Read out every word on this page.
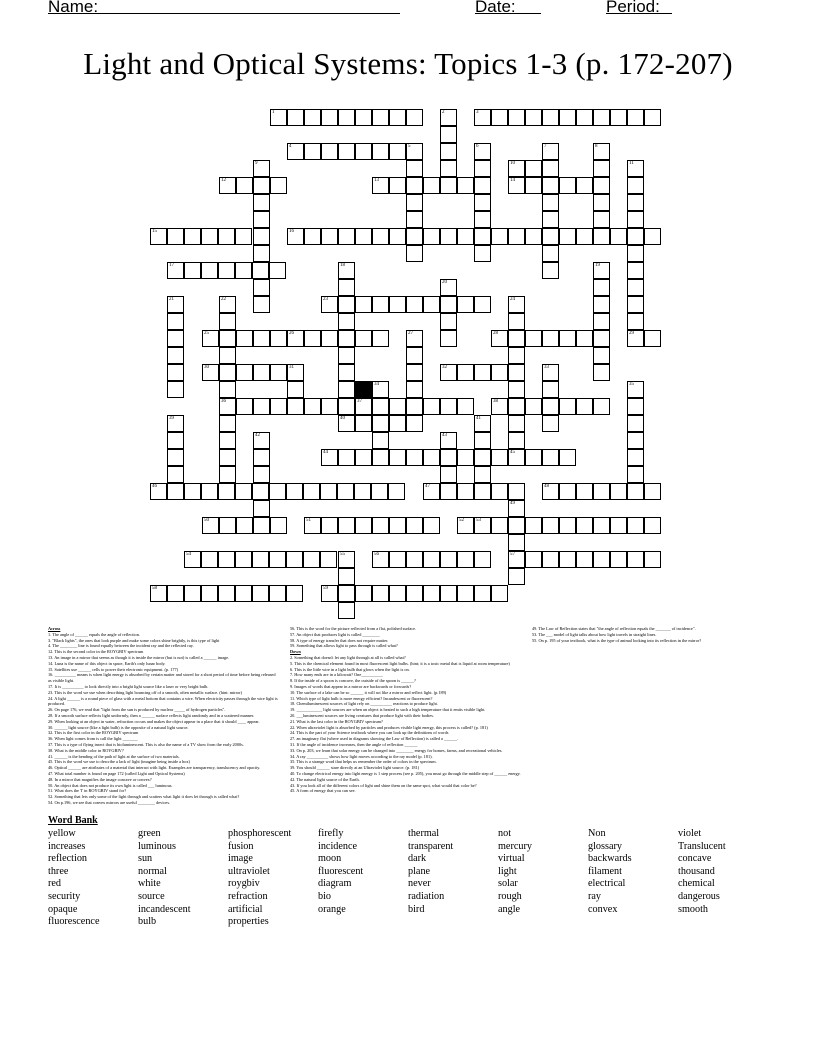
Name:	Date:	Period:
Light and Optical Systems: Topics 1-3 (p. 172-207)
1	2	3
4	5	6	7	8
9	10	11
12	13	14
15	16
17	18	19
20
21	22
36
23	24
25	26	27	28	29
30	31	32	33
34	35
37	38
39	40	41
42	43
44	45
46	47	48
49
57
50	51	52 53
54	55	56
58	59
Across
1. The angle of ______ equals the angle of reflection.
3. "Black lights", the ones that look purple and make some colors shine brightly, is this type of light
4. The ________ line is found equally between the incident ray and the reflected ray.
12. This is the second color in the ROYGBIV spectrum
13. An image in a mirror that seems as though it is inside the mirror (but is not) is called a ______ image.
14. Luna is the name of this object in space, Earth's only lunar body.
15. Satellites use ______ cells to power their electronic equipment. (p. 177)
16. __________ means is when light energy is absorbed by certain matter and stored for a short period of time before being released as visible light.
17. It is __________ to look directly into a bright light source like a laser or very bright bulb.
23. This is the word we use when describing light bouncing off of a smooth, often metallic surface. (hint: mirror)
24. A light ______ is a round piece of glass with a metal bottom that contains a wire. When electricity passes through the wire light is produced.
26. On page 176, we read that "light from the sun is produced by nuclear _____ of hydrogen particles".
28. If a smooth surface reflects light uniformly, then a ______ surface reflects light randomly and in a scattered manner.
29. When looking at an object in water, refraction occurs and makes the object appear in a place that it should ____ appear.
30. ______ light source (like a light bulb) is the opposite of a natural light source.
32. This is the first color in the ROYGBIV spectrum
36. When light comes from is call the light _______
37. This is a type of flying insect that is bioluminescent. This is also the name of a TV show from the early 2000s.
38. What is the middle color in ROYGBIV?
41. ______ is the bending of the path of light at the surface of two materials.
45. This is the word we use to describe a lack of light (imagine being inside a box)
46. Optical ______ are attributes of a material that interact with light. Examples are transparency, translucency and opacity.
47. What total number is found on page 172 (called Light and Optical Systems)
48. In a mirror that magnifies the image concave or convex?
50. An object that does not produce its own light is called ___ luminous.
51. What does the 'I' in ROYGBIV stand for?
52. Something that lets only some of the light through and scatters what light it does let through is called what?
54. On p.196, we see that convex mirrors are useful ________ devices.
56. This is the word for the picture reflected from a flat, polished surface.
57. An object that produces light is called ________
58. A type of energy transfer that does not require matter.
59. Something that allows light to pass through is called what?
Down
2. Something that doesn't let any light through at all is called what?
5. This is the chemical element found in most fluorescent light bulbs. (hint; it is a toxic metal that is liquid at room temperature)
6. This is the little wire in a light bulb that glows when the light is on.
7. How many ends are in a kilowatt? One__________
8. If the inside of a spoon is concave, the outside of the spoon is ______?
9. Images of words that appear in a mirror are backwards or forwards?
10. The surface of a lake can be so ______ it will act like a mirror and reflect light. (p.189)
11. Which type of light bulb is more energy efficient? Incandescent or fluorescent?
18. Chemiluminescent sources of light rely on __________ reactions to produce light.
19. ____________ light sources are when an object is heated to such a high temperature that it emits visible light.
20. ___luminescent sources are living creatures that produce light with their bodies.
21. What is the last color in the ROYGBIV spectrum?
22. When ultraviolet light is absorbed by particles and produces visible light energy, this process is called? (p. 181)
24. This is the part of your Science textbook where you can look up the definitions of words
27. an imaginary flat (where used in diagrams showing the Law of Reflection) is called a ______.
31. If the angle of incidence increases, then the angle of reflection ______
33. On p. 203, we learn that solar energy can be changed into ________ energy for homes, farms, and recreational vehicles.
34. A ray __________ shows how light moves according to the ray model (p. 181).
35. This is a strange word that helps us remember the order of colors in the spectrum.
39. You should ______ stare directly at an Ultraviolet light source. (p. 181)
40. To change electrical energy into light energy is 1 step process (see p. 205), you must go through the middle step of ______ energy.
42. The natural light source of the Earth.
43. If you look all of the different colors of light and shine them on the same spot, what would that color be?
45. A form of energy that you can see.
49. The Law of Reflection states that "the angle of reflection equals the _______ of incidence".
53. The ___ model of light talks about how light travels in straight lines.
55. On p. 195 of your textbook, what is the type of animal looking into its reflection in the mirror?
Word Bank
yellow	green	phosphorescent	firefly	thermal	not	Non	violet
increases	luminous	fusion	incidence	transparent	mercury	glossary	Translucent
reflection	sun	image	moon	dark	virtual	backwards	concave
three	normal	ultraviolet	fluorescent	plane	light	filament	thousand
red	white	roygbiv	diagram	never	solar	electrical	chemical
security	source	refraction	bio	radiation	rough	ray	dangerous
opaque	incandescent	artificial	orange	bird	angle	convex	smooth
fluorescence	bulb	properties
